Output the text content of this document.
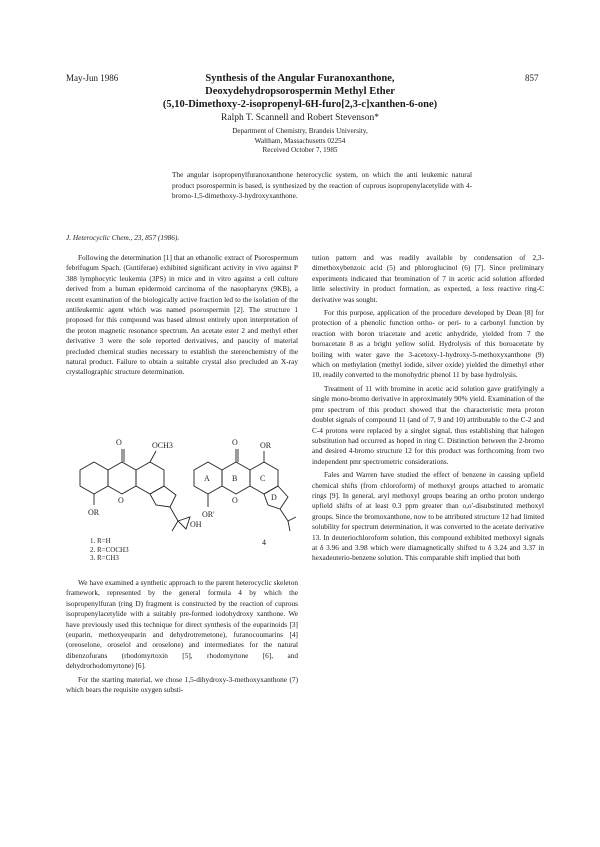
May-Jun 1986	857
Synthesis of the Angular Furanoxanthone,
Deoxydehydropsorospermin Methyl Ether
(5,10-Dimethoxy-2-isopropenyl-6H-furo[2,3-c]xanthen-6-one)
Ralph T. Scannell and Robert Stevenson*
Department of Chemistry, Brandeis University,
Waltham, Massachusetts 02254
Received October 7, 1985
The angular isopropenylfuranoxanthone heterocyclic system, on which the anti leukemic natural product psorospermin is based, is synthesized by the reaction of cuprous isopropenylacetylide with 4-bromo-1,5-dimethoxy-3-hydroxyxanthone.
J. Heterocyclic Chem., 23, 857 (1986).

Following the determination [1] that an ethanolic extract of Psorospermum febrifugum Spach. (Guttiferae) exhibited significant activity in vivo against P 388 lymphocytic leukemia (3PS) in mice and in vitro against a cell culture derived from a human epidermoid carcinoma of the nasopharynx (9KB), a recent examination of the biologically active fraction led to the isolation of the antileukemic agent which was named psorospermin [2]. The structure 1 proposed for this compound was based almost entirely upon interpretation of the proton magnetic resonance spectrum. An acetate ester 2 and methyl ether derivative 3 were the sole reported derivatives, and paucity of material precluded chemical studies necessary to establish the stereochemistry of the natural product. Failure to obtain a suitable crystal also precluded an X-ray crystallographic structure determination.

O	OCH3
OR
O
OH
O	OR
A	B	C
O
OR'
D
4
1. R=H
2. R=COCH3
3. R=CH3

We have examined a synthetic approach to the parent heterocyclic skeleton framework, represented by the general formula 4 by which the isopropenylfuran (ring D) fragment is constructed by the reaction of cuprous isopropenylacetylide with a suitably pre-formed iodohydroxy xanthone. We have previously used this technique for direct synthesis of the euparinoids [3] (euparin, methoxyeuparin and dehydrotremetone), furanocoumarins [4] (oreoselone, oroselol and oroselone) and intermediates for the natural dibenzofurans (rhodomyrtoxin [5], rhodomyrtone [6], and dehydrorhodomyrtone) [6].

For the starting material, we chose 1,5-dihydroxy-3-methoxyxanthone (7) which bears the requisite oxygen substi-

tution pattern and was readily available by condensation of 2,3-dimethoxybenzoic acid (5) and phloroglucinol (6) [7]. Since preliminary experiments indicated that bromination of 7 in acetic acid solution afforded little selectivity in product formation, as expected, a less reactive ring-C derivative was sought.

For this purpose, application of the procedure developed by Dean [8] for protection of a phenolic function ortho- or peri- to a carbonyl function by reaction with boron triacetate and acetic anhydride, yielded from 7 the boroacetate 8 as a bright yellow solid. Hydrolysis of this boroacetate by boiling with water gave the 3-acetoxy-1-hydroxy-5-methoxyxanthone (9) which on methylation (methyl iodide, silver oxide) yielded the dimethyl ether 10, readily converted to the monohydric phenol 11 by base hydrolysis.

Treatment of 11 with bromine in acetic acid solution gave gratifyingly a single mono-bromo derivative in approximately 90% yield. Examination of the pmr spectrum of this product showed that the characteristic meta proton doublet signals of compound 11 (and of 7, 9 and 10) attributable to the C-2 and C-4 protons were replaced by a singlet signal, thus establishing that halogen substitution had occurred as hoped in ring C. Distinction between the 2-bromo and desired 4-bromo structure 12 for this product was forthcoming from two independent pmr spectrometric considerations.

Fales and Warren have studied the effect of benzene in causing upfield chemical shifts (from chloroform) of methoxyl groups attached to aromatic rings [9]. In general, aryl methoxyl groups bearing an ortho proton undergo upfield shifts of at least 0.3 ppm greater than o,o'-disubstituted methoxyl groups. Since the bromoxanthone, now to be attributed structure 12 had limited solubility for spectrum determination, it was converted to the acetate derivative 13. In deuteriochloroform solution, this compound exhibited methoxyl signals at δ 3.96 and 3.98 which were diamagnetically shifted to δ 3.24 and 3.37 in hexadeuterio-benzene solution. This comparable shift implied that both
